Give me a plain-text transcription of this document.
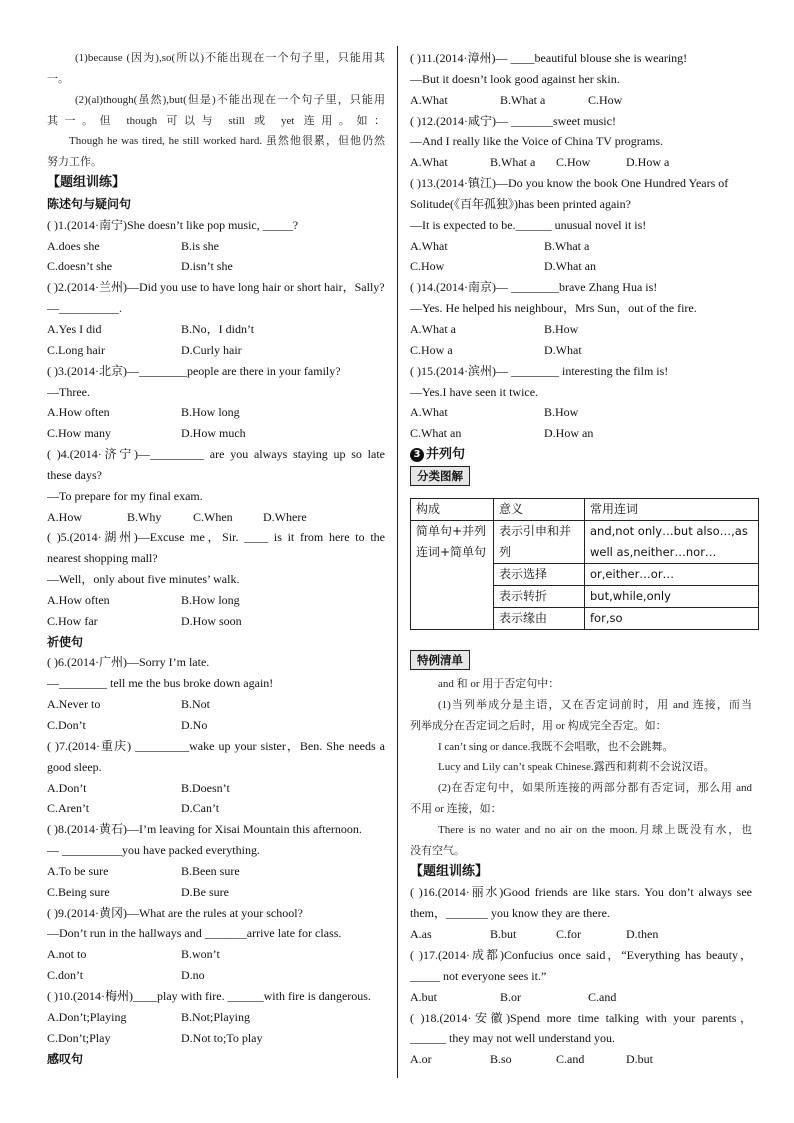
(1)because (因为),so(所以)不能出现在一个句子里，只能用其
一。
(2)(al)though(虽然),but(但是)不能出现在一个句子里，只能用
其一。但 though 可以与 still 或 yet 连用。如：
Though he was tired, he still worked hard. 虽然他很累，但他仍然
努力工作。
【题组训练】
陈述句与疑问句
( )1.(2014·南宁)She doesn’t like pop music, _____?
A.does she	B.is she
C.doesn’t she	D.isn’t she
( )2.(2014·兰州)—Did you use to have long hair or short hair，Sally?
—__________.
A.Yes I did	B.No，I didn’t
C.Long hair	D.Curly hair
( )3.(2014·北京)—________people are there in your family?
—Three.
A.How often	B.How long
C.How many	D.How much
( )4.(2014·济宁)—_________ are you always staying up so late
these days?
—To prepare for my final exam.
A.How	B.Why	C.When	D.Where
( )5.(2014·湖州)—Excuse me，Sir. ____ is it from here to the
nearest shopping mall?
—Well，only about five minutes’ walk.
A.How often	B.How long
C.How far	D.How soon
祈使句
( )6.(2014·广州)—Sorry I’m late.
—________ tell me the bus broke down again!
A.Never to	B.Not
C.Don’t	D.No
( )7.(2014·重庆) _________wake up your sister，Ben. She needs a
good sleep.
A.Don’t	B.Doesn’t
C.Aren’t	D.Can’t
( )8.(2014·黄石)—I’m leaving for Xisai Mountain this afternoon.
— __________you have packed everything.
A.To be sure	B.Been sure
C.Being sure	D.Be sure
( )9.(2014·黄冈)—What are the rules at your school?
—Don’t run in the hallways and _______arrive late for class.
A.not to	B.won’t
C.don’t	D.no
( )10.(2014·梅州)____play with fire. ______with fire is dangerous.
A.Don’t;Playing	B.Not;Playing
C.Don’t;Play	D.Not to;To play
感叹句
( )11.(2014·漳州)— ____beautiful blouse she is wearing!
—But it doesn’t look good against her skin.
A.What	B.What a	C.How
( )12.(2014·咸宁)— _______sweet music!
—And I really like the Voice of China TV programs.
A.What	B.What a	C.How	D.How a
( )13.(2014·镇江)—Do you know the book One Hundred Years of
Solitude(《百年孤独》)has been printed again?
—It is expected to be.______ unusual novel it is!
A.What	B.What a
C.How	D.What an
( )14.(2014·南京)— ________brave Zhang Hua is!
—Yes. He helped his neighbour，Mrs Sun，out of the fire.
A.What a	B.How
C.How a	D.What
( )15.(2014·滨州)— ________ interesting the film is!
—Yes.I have seen it twice.
A.What	B.How
C.What an	D.How an
3 并列句
分类图解
构成	意义	常用连词
简单句+并列连词+简单句	表示引申和并列	and,not only…but also…,as well as,neither…nor…
	表示选择	or,either…or…
	表示转折	but,while,only
	表示缘由	for,so
特例清单
and 和 or 用于否定句中：
(1)当列举成分是主语，又在否定词前时，用 and 连接，而当
列举成分在否定词之后时，用 or 构成完全否定。如：
I can’t sing or dance.我既不会唱歌，也不会跳舞。
Lucy and Lily can’t speak Chinese.露西和莉莉不会说汉语。
(2)在否定句中，如果所连接的两部分都有否定词，那么用 and
不用 or 连接，如：
There is no water and no air on the moon.月球上既没有水，也
没有空气。
【题组训练】
( )16.(2014·丽水)Good friends are like stars. You don’t always see
them，_______ you know they are there.
A.as	B.but	C.for	D.then
( )17.(2014·成都)Confucius once said，“Everything has beauty，
_____ not everyone sees it.”
A.but	B.or	C.and
( )18.(2014·安徽)Spend more time talking with your parents，
______ they may not well understand you.
A.or	B.so	C.and	D.but
